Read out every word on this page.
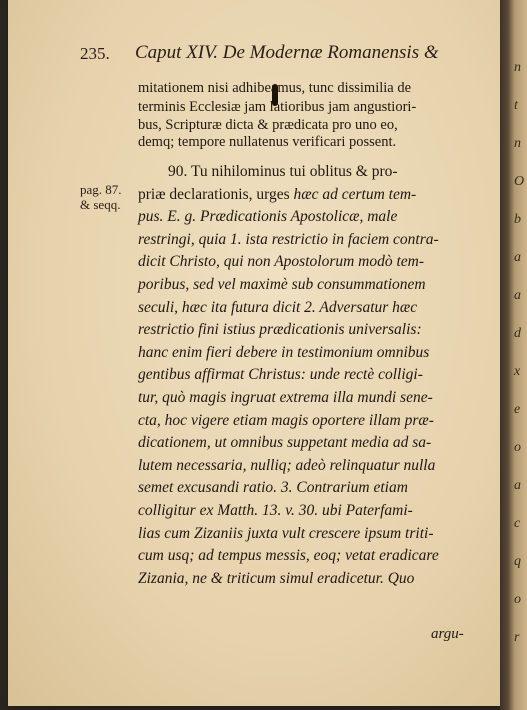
235. Caput XIV. De Modernæ Romanensis &
pag. 87.
& seqq.
mitationem nisi adhibeamus, tunc dissimilia de
terminis Ecclesiæ jam latioribus jam angustiori-
bus, Scripturæ dicta & prædicata pro uno eo,
demq; tempore nullatenus verificari possent.
90. Tu nihilominus tui oblitus & pro-
priæ declarationis, urges hæc ad certum tem-
pus. E. g. Prædicationis Apostolicæ, male
restringi, quia 1. ista restrictio in faciem contra-
dicit Christo, qui non Apostolorum modò tem-
poribus, sed vel maximè sub consummationem
seculi, hæc ita futura dicit 2. Adversatur hæc
restrictio fini istius prædicationis universalis:
hanc enim fieri debere in testimonium omnibus
gentibus affirmat Christus: unde rectè colligi-
tur, quò magis ingruat extrema illa mundi sene-
cta, hoc vigere etiam magis oportere illam præ-
dicationem, ut omnibus suppetant media ad sa-
lutem necessaria, nulliq; adeò relinquatur nulla
semet excusandi ratio. 3. Contrarium etiam
colligitur ex Matth. 13. v. 30. ubi Paterfami-
lias cum Zizaniis juxta vult crescere ipsum triti-
cum usq; ad tempus messis, eoq; vetat eradicare
Zizania, ne & triticum simul eradicetur. Quo
argu-
n
t
n
O
b
a
a
d
x
e
o
a
c
q
o
r
